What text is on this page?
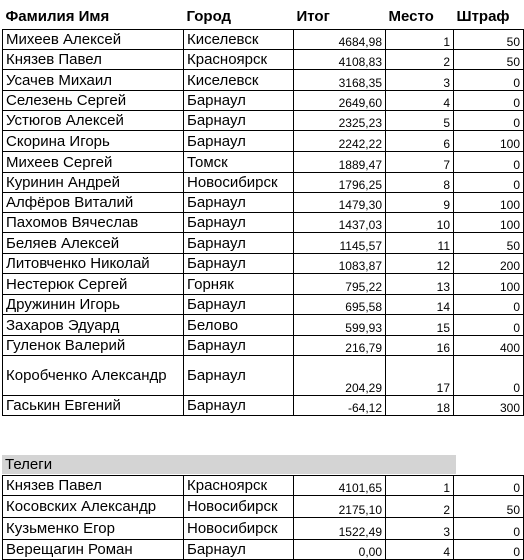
Фамилия Имя	Город	Итог	Место	Штраф
Михеев Алексей	Киселевск	4684,98	1	50
Князев Павел	Красноярск	4108,83	2	50
Усачев Михаил	Киселевск	3168,35	3	0
Селезень Сергей	Барнаул	2649,60	4	0
Устюгов Алексей	Барнаул	2325,23	5	0
Скорина Игорь	Барнаул	2242,22	6	100
Михеев Сергей	Томск	1889,47	7	0
Куринин Андрей	Новосибирск	1796,25	8	0
Алфёров Виталий	Барнаул	1479,30	9	100
Пахомов Вячеслав	Барнаул	1437,03	10	100
Беляев Алексей	Барнаул	1145,57	11	50
Литовченко Николай	Барнаул	1083,87	12	200
Нестерюк Сергей	Горняк	795,22	13	100
Дружинин Игорь	Барнаул	695,58	14	0
Захаров Эдуард	Белово	599,93	15	0
Гуленок Валерий	Барнаул	216,79	16	400
Коробченко Александр	Барнаул	204,29	17	0
Гаськин Евгений	Барнаул	-64,12	18	300
Телеги
Князев Павел	Красноярск	4101,65	1	0
Косовских Александр	Новосибирск	2175,10	2	50
Кузьменко Егор	Новосибирск	1522,49	3	0
Верещагин Роман	Барнаул	0,00	4	0
